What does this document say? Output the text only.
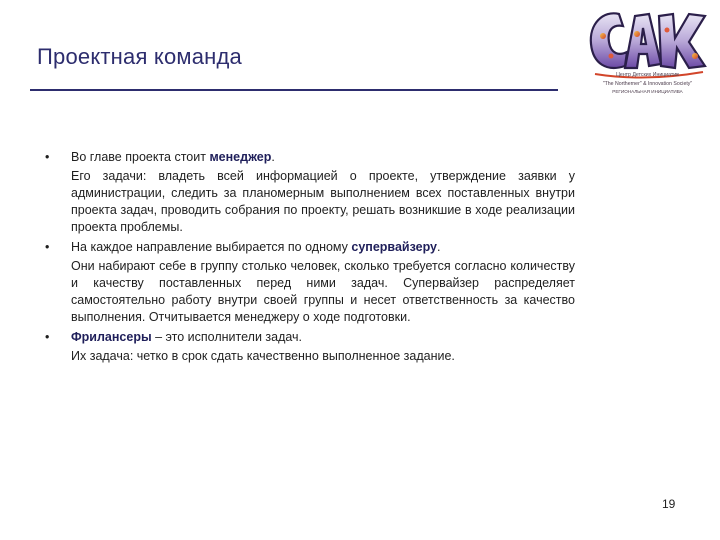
Проектная команда
Центр Детских Инициатив
"The Northerner" & Innovation Society"
РЕГИОНАЛЬНАЯ ИНИЦИАТИВА
•	Во главе проекта стоит менеджер.
Его задачи: владеть всей информацией о проекте, утверждение заявки у администрации, следить за планомерным выполнением всех поставленных внутри проекта задач, проводить собрания по проекту, решать возникшие в ходе реализации проекта проблемы.
•	На каждое направление выбирается по одному супервайзеру.
Они набирают себе в группу столько человек, сколько требуется согласно количеству и качеству поставленных перед ними задач. Супервайзер распределяет самостоятельно работу внутри своей группы и несет ответственность за качество выполнения. Отчитывается менеджеру о ходе подготовки.
•	Фрилансеры – это исполнители задач.
Их задача: четко в срок сдать качественно выполненное задание.
19
